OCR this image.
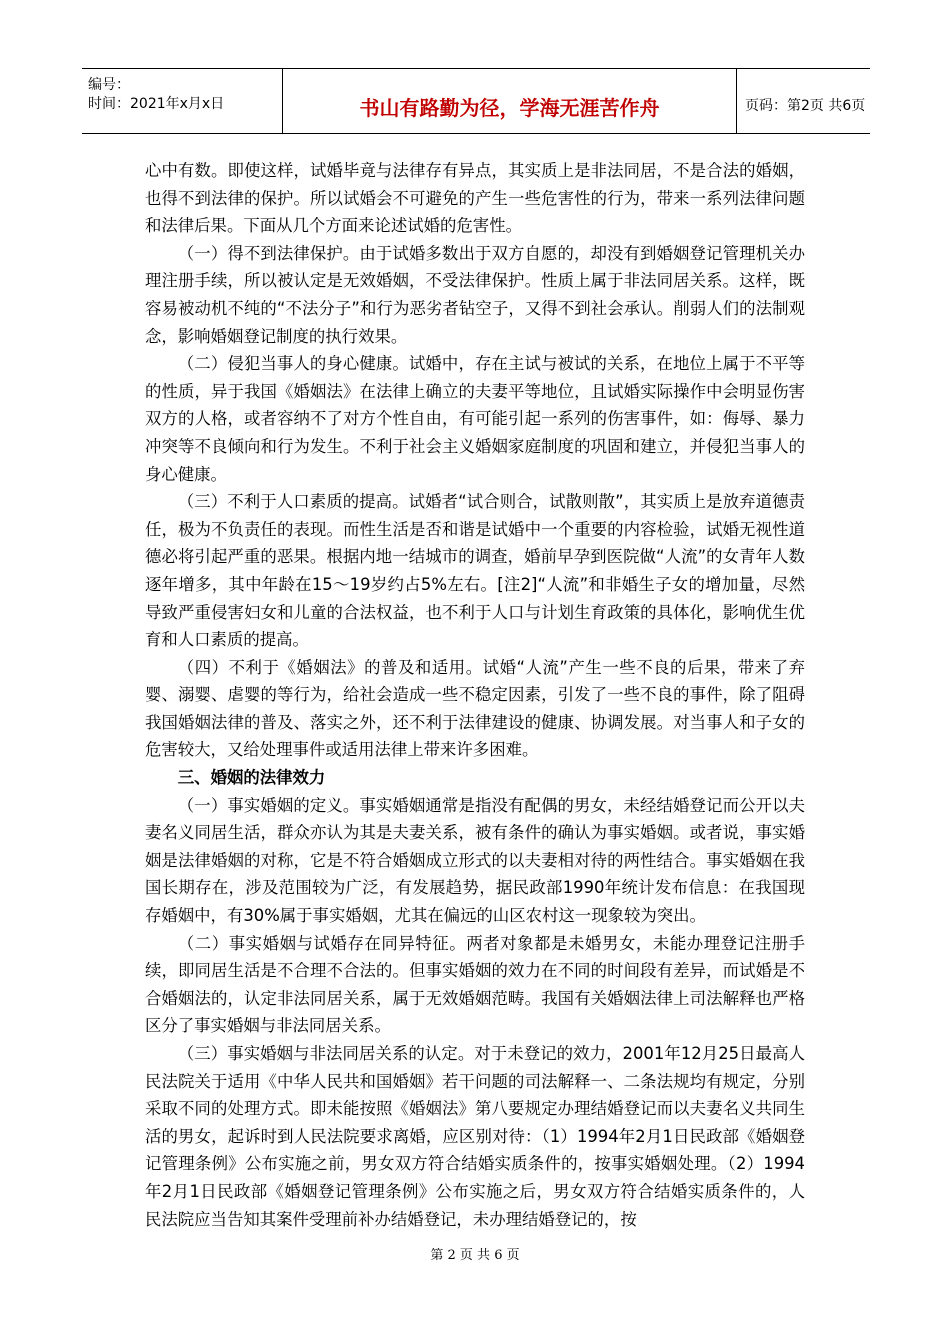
编号：
时间：2021年x月x日	书山有路勤为径，学海无涯苦作舟	页码：第2页 共6页

心中有数。即使这样，试婚毕竟与法律存有异点，其实质上是非法同居，不是合法的婚姻，也得不到法律的保护。所以试婚会不可避免的产生一些危害性的行为，带来一系列法律问题和法律后果。下面从几个方面来论述试婚的危害性。

（一）得不到法律保护。由于试婚多数出于双方自愿的，却没有到婚姻登记管理机关办理注册手续，所以被认定是无效婚姻，不受法律保护。性质上属于非法同居关系。这样，既容易被动机不纯的“不法分子”和行为恶劣者钻空子，又得不到社会承认。削弱人们的法制观念，影响婚姻登记制度的执行效果。

（二）侵犯当事人的身心健康。试婚中，存在主试与被试的关系，在地位上属于不平等的性质，异于我国《婚姻法》在法律上确立的夫妻平等地位，且试婚实际操作中会明显伤害双方的人格，或者容纳不了对方个性自由，有可能引起一系列的伤害事件，如：侮辱、暴力冲突等不良倾向和行为发生。不利于社会主义婚姻家庭制度的巩固和建立，并侵犯当事人的身心健康。

（三）不利于人口素质的提高。试婚者“试合则合，试散则散”，其实质上是放弃道德责任，极为不负责任的表现。而性生活是否和谐是试婚中一个重要的内容检验，试婚无视性道德必将引起严重的恶果。根据内地一结城市的调查，婚前早孕到医院做“人流”的女青年人数逐年增多，其中年龄在15～19岁约占5%左右。[注2]“人流”和非婚生子女的增加量，尽然导致严重侵害妇女和儿童的合法权益，也不利于人口与计划生育政策的具体化，影响优生优育和人口素质的提高。

（四）不利于《婚姻法》的普及和适用。试婚“人流”产生一些不良的后果，带来了弃婴、溺婴、虐婴的等行为，给社会造成一些不稳定因素，引发了一些不良的事件，除了阻碍我国婚姻法律的普及、落实之外，还不利于法律建设的健康、协调发展。对当事人和子女的危害较大，又给处理事件或适用法律上带来许多困难。

三、婚姻的法律效力

（一）事实婚姻的定义。事实婚姻通常是指没有配偶的男女，未经结婚登记而公开以夫妻名义同居生活，群众亦认为其是夫妻关系，被有条件的确认为事实婚姻。或者说，事实婚姻是法律婚姻的对称，它是不符合婚姻成立形式的以夫妻相对待的两性结合。事实婚姻在我国长期存在，涉及范围较为广泛，有发展趋势，据民政部1990年统计发布信息：在我国现存婚姻中，有30%属于事实婚姻，尤其在偏远的山区农村这一现象较为突出。

（二）事实婚姻与试婚存在同异特征。两者对象都是未婚男女，未能办理登记注册手续，即同居生活是不合理不合法的。但事实婚姻的效力在不同的时间段有差异，而试婚是不合婚姻法的，认定非法同居关系，属于无效婚姻范畴。我国有关婚姻法律上司法解释也严格区分了事实婚姻与非法同居关系。

（三）事实婚姻与非法同居关系的认定。对于未登记的效力，2001年12月25日最高人民法院关于适用《中华人民共和国婚姻》若干问题的司法解释一、二条法规均有规定，分别采取不同的处理方式。即未能按照《婚姻法》第八要规定办理结婚登记而以夫妻名义共同生活的男女，起诉时到人民法院要求离婚，应区别对待：（1）1994年2月1日民政部《婚姻登记管理条例》公布实施之前，男女双方符合结婚实质条件的，按事实婚姻处理。（2）1994年2月1日民政部《婚姻登记管理条例》公布实施之后，男女双方符合结婚实质条件的，人民法院应当告知其案件受理前补办结婚登记，未办理结婚登记的，按

第 2 页 共 6 页
